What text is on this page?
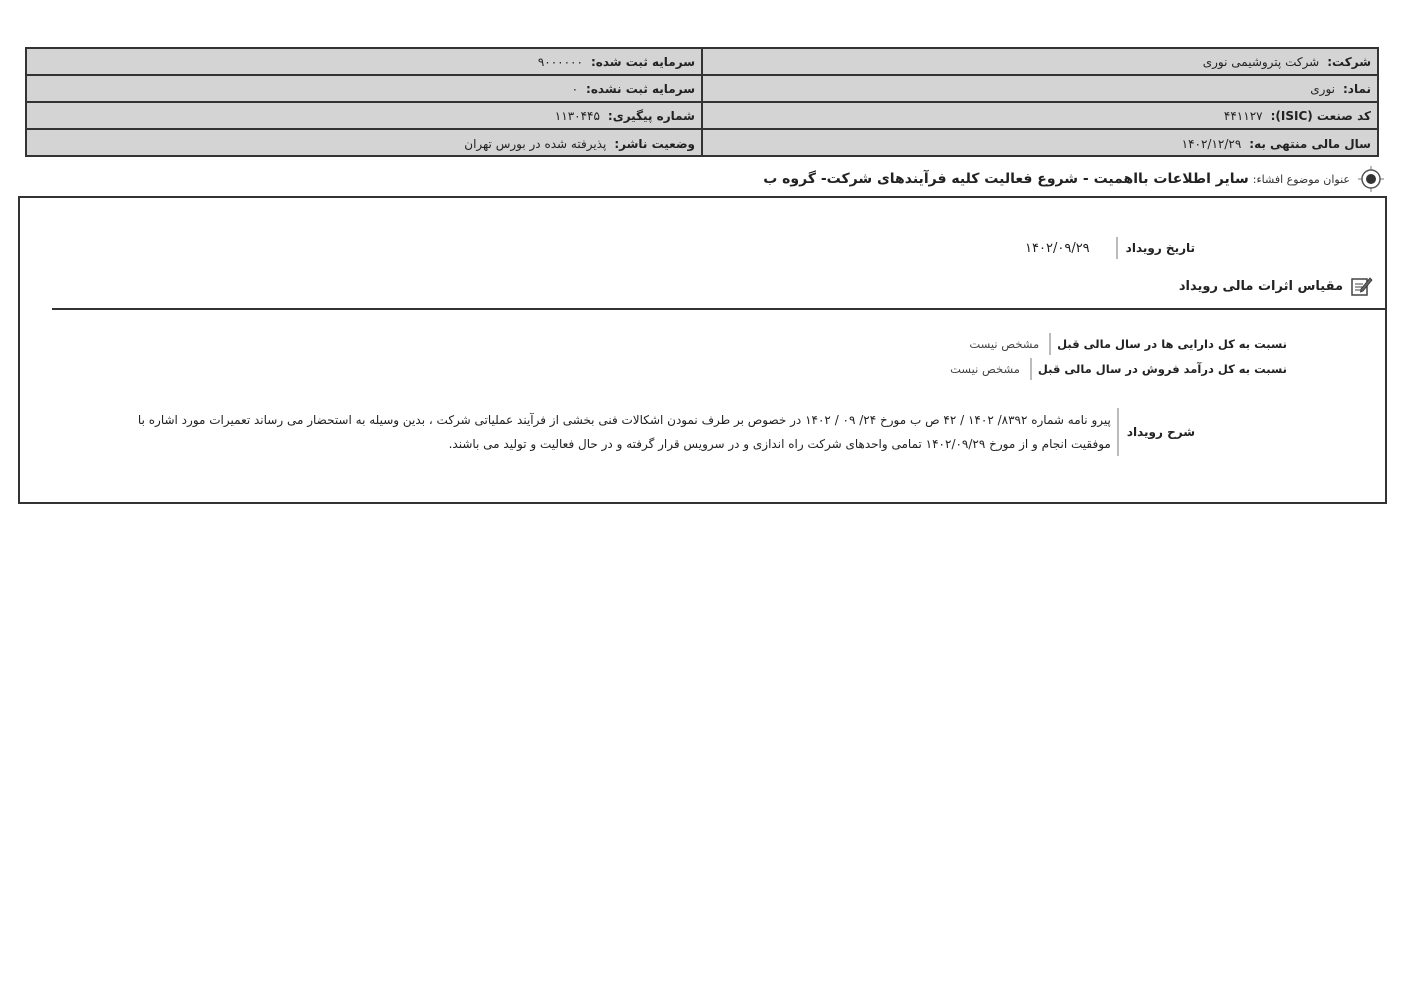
شرکت:
شرکت پتروشیمی نوری
سرمایه ثبت شده:
۹۰۰۰۰۰۰
نماد:
نوری
سرمایه ثبت نشده:
۰
کد صنعت (ISIC):
۴۴۱۱۲۷
شماره پیگیری:
۱۱۳۰۴۴۵
سال مالی منتهی به:
۱۴۰۲/۱۲/۲۹
وضعیت ناشر:
پذیرفته شده در بورس تهران
عنوان موضوع افشاء:
سایر اطلاعات بااهمیت - شروع فعالیت کلیه فرآیندهای شرکت- گروه ب
تاریخ رویداد
۱۴۰۲/۰۹/۲۹
مقیاس اثرات مالی رویداد
نسبت به کل دارایی ها در سال مالی قبل
مشخص نیست
نسبت به کل درآمد فروش در سال مالی قبل
مشخص نیست
شرح رویداد
پیرو نامه شماره ۸۳۹۲/ ۱۴۰۲ / ۴۲ ص ب مورخ ۲۴/ ۰۹ / ۱۴۰۲ در خصوص بر طرف نمودن اشکالات فنی بخشی از فرآیند عملیاتی شرکت ، بدین وسیله به استحضار می رساند تعمیرات مورد اشاره با
موفقیت انجام و از مورخ ۱۴۰۲/۰۹/۲۹ تمامی واحدهای شرکت راه اندازی و در سرویس قرار گرفته و در حال فعالیت و تولید می باشند.
